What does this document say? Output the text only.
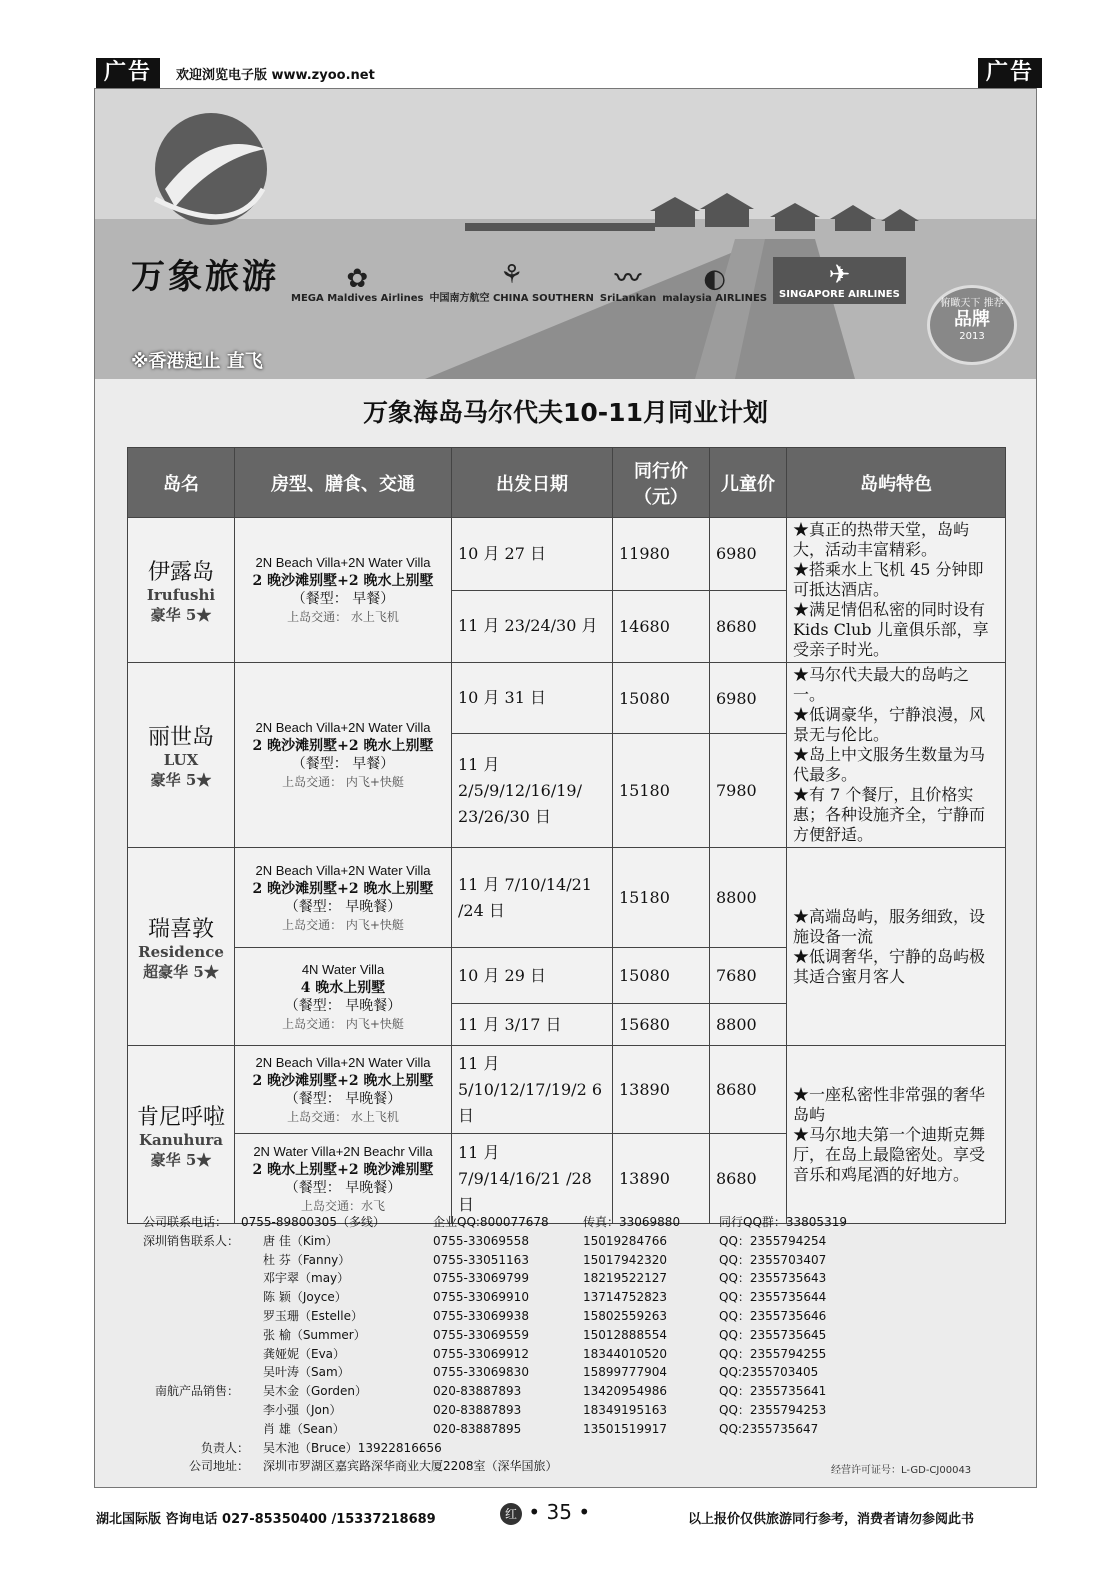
广告	欢迎浏览电子版 www.zyoo.net	广告
万象旅游	✿
MEGA Maldives Airlines
⚘
中国南方航空 CHINA SOUTHERN
〰
SriLankan
◐
malaysia AIRLINES
✈
SINGAPORE AIRLINES
※香港起止 直飞
俯瞰天下 推荐
品牌
2013
万象海岛马尔代夫10-11月同业计划
岛名	房型、膳食、交通	出发日期	同行价（元）	儿童价	岛屿特色

伊露岛
Irufushi
豪华 5★	2N Beach Villa+2N Water Villa
2 晚沙滩别墅+2 晚水上别墅
（餐型： 早餐）
上岛交通： 水上飞机	10 月 27 日	11980	6980	★真正的热带天堂，岛屿大，活动丰富精彩。
★搭乘水上飞机 45 分钟即可抵达酒店。
★满足情侣私密的同时设有 Kids Club 儿童俱乐部，享受亲子时光。

		11 月 23/24/30 月	14680	8680	

丽世岛
LUX
豪华 5★	2N Beach Villa+2N Water Villa
2 晚沙滩别墅+2 晚水上别墅
（餐型： 早餐）
上岛交通： 内飞+快艇	10 月 31 日	15080	6980	★马尔代夫最大的岛屿之一。
★低调豪华，宁静浪漫，风景无与伦比。
★岛上中文服务生数量为马代最多。
★有 7 个餐厅，且价格实惠；各种设施齐全，宁静而方便舒适。

		11 月 2/5/9/12/16/19/ 23/26/30 日	15180	7980	

瑞喜敦
Residence
超豪华 5★	2N Beach Villa+2N Water Villa
2 晚沙滩别墅+2 晚水上别墅
（餐型： 早晚餐）
上岛交通： 内飞+快艇	11 月 7/10/14/21 /24 日	15180	8800	★高端岛屿，服务细致，设施设备一流
★低调奢华，宁静的岛屿极其适合蜜月客人

	4N Water Villa
4 晚水上别墅
（餐型： 早晚餐）
上岛交通： 内飞+快艇	10 月 29 日	15080	7680	
		11 月 3/17 日	15680	8800	

肯尼呼啦
Kanuhura
豪华 5★	2N Beach Villa+2N Water Villa
2 晚沙滩别墅+2 晚水上别墅
（餐型： 早晚餐）
上岛交通： 水上飞机	11 月 5/10/12/17/19/2 6 日	13890	8680	★一座私密性非常强的奢华岛屿
★马尔地夫第一个迪斯克舞厅，在岛上最隐密处。享受音乐和鸡尾酒的好地方。

	2N Water Villa+2N Beachr Villa
2 晚水上别墅+2 晚沙滩别墅
（餐型： 早晚餐）
上岛交通：水飞	11 月 7/9/14/16/21 /28 日	13890	8680	
公司联系电话： 0755-89800305（多线）	企业QQ:800077678	传真：33069880	同行QQ群：33805319
深圳销售联系人： 唐 佳（Kim）	0755-33069558	15019284766	QQ：2355794254
杜 芬（Fanny）	0755-33051163	15017942320	QQ：2355703407
邓宇翠（may）	0755-33069799	18219522127	QQ：2355735643
陈 颖（Joyce）	0755-33069910	13714752823	QQ：2355735644
罗玉珊（Estelle）	0755-33069938	15802559263	QQ：2355735646
张 榆（Summer）	0755-33069559	15012888554	QQ：2355735645
龚娅妮（Eva）	0755-33069912	18344010520	QQ：2355794255
吴叶涛（Sam）	0755-33069830	15899777904	QQ:2355703405
南航产品销售： 吴木金（Gorden）	020-83887893	13420954986	QQ：2355735641
李小强（Jon）	020-83887893	18349195163	QQ：2355794253
肖 雄（Sean）	020-83887895	13501519917	QQ:2355735647
负责人： 吴木池（Bruce）13922816656
公司地址： 深圳市罗湖区嘉宾路深华商业大厦2208室（深华国旅）	经营许可证号：L-GD-CJ00043
湖北国际版 咨询电话 027-85350400 /15337218689	红 • 35 •	以上报价仅供旅游同行参考，消费者请勿参阅此书
